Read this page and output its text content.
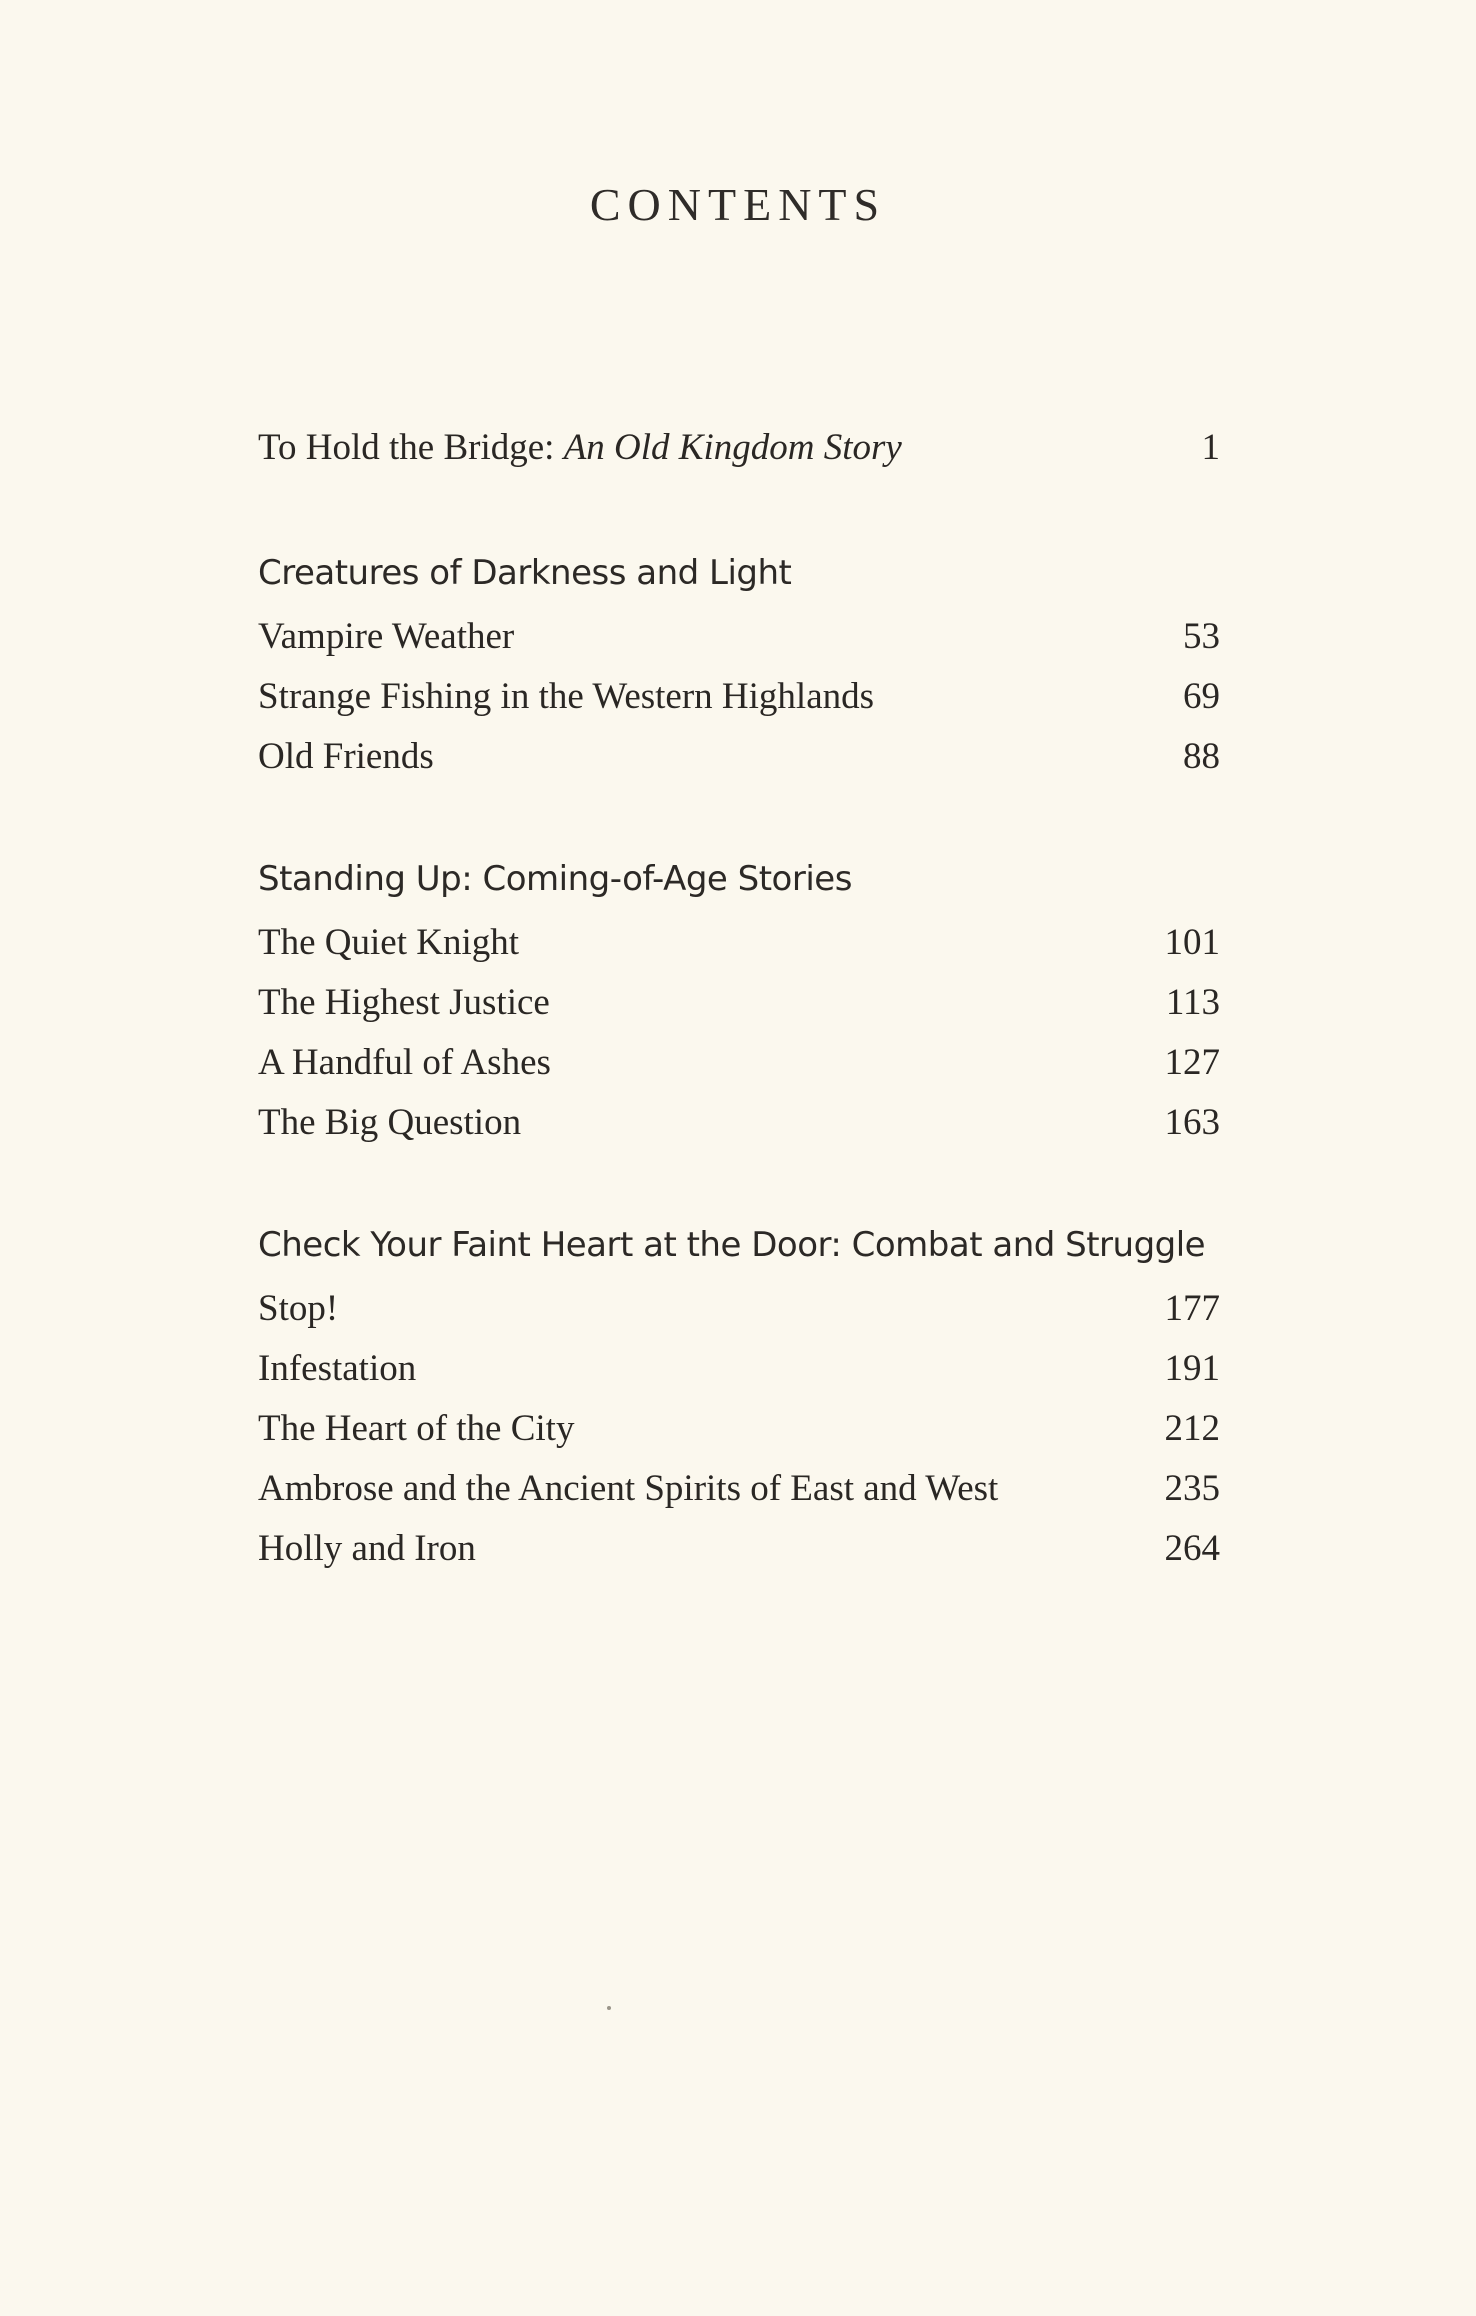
CONTENTS
To Hold the Bridge: An Old Kingdom Story	1
Creatures of Darkness and Light
Vampire Weather	53
Strange Fishing in the Western Highlands	69
Old Friends	88
Standing Up: Coming-of-Age Stories
The Quiet Knight	101
The Highest Justice	113
A Handful of Ashes	127
The Big Question	163
Check Your Faint Heart at the Door: Combat and Struggle
Stop!	177
Infestation	191
The Heart of the City	212
Ambrose and the Ancient Spirits of East and West	235
Holly and Iron	264
